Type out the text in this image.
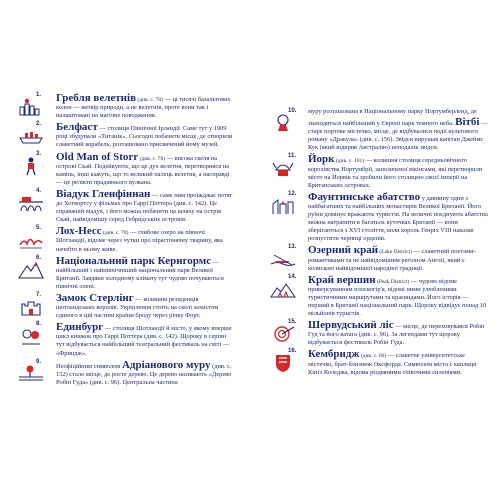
1. Гребля велетнів (див. с. 78) — ці тисячі базальтових колон — витвір природи, а не велетнів, проте вони так і налаштовані на магічне поводження.
2. Белфаст — столиця Північної Ірландії. Саме тут у 1909 році збудували «Титанік». Сьогодні побачити місце, де створили славетний корабель, розташовано присвячений йому музей.
3. Old Man of Storr (див. с. 78) — висока скеля на острові Скай. Подейкують, що це дух велетня, перетворився на камінь, інші кажуть, що то великий палець велетня, а насправді — це релікти прадавнього вулкана.
4. Віадук Гленфіннан — саме ним проїжджає потяг до Хогвортсу у фільмах про Гаррі Поттера (див. с. 142). Це справжній віадук, і його можна побачити на шляху на острів Скай, найвідомішу серед Гебридських островів.
5. Лох-Несс (див. с. 78) — глибоке озеро на півночі Шотландії, відоме через чутки про пірастоначну тварину, яка начебто в ньому живе.
6. Національний парк Кернгормс — найбільший і найпівнічніший національний парк Великої Британії. Завдяки холодному клімату тут чудово почуваються північні олені.
7. Замок Стерлінг — колишня резиденція шотландських королів. Укріплення стоїть на скелі захистом єдиного в цій частині країни броду через річку Форт.
8. Единбург — столиця Шотландії й місто, у якому вперше цикл книжок про Гаррі Поттера (див. с. 142). Щороку в серпні тут відбувається найбільший театральний фестиваль на світі — «Фриндж».
9.
Неофіційним символом Адріанового муру (див. с. 152) стало місце, де росте дерево. Це дерево називають «Дерево Робін Гуда» (див. с. 96). Центральна частина
10. муру розташована в Національному парку Нортумберленд, де знаходиться найбільший у Європі парк темного неба. Вітбі — старе портове містечко, місце, де відбувалися події культового роману «Дракула» (див. с. 156). Звідси вирушав капітан Джеймс Кук (який відкрив Австралію) неподалік звідси.
11. Йорк (див. с. 101) — колишня столиця середньовічного королівства Нортумбрії, запозиченої вікінгами, які перетворили місто на Йорвік та зробили його столицею своєї імперії на Британських островах.
12. Фаунтинське абатство у давнину один з найбагатших та найбільших монастирів Великої Британії. Його руїни домінує вражають туристів. На величні поєднують абатства можна натрапити в багатьох куточках Британії — вони зберігаються з XVI століття, коли король Генріх VIII наказав розпустити черниці орденів.
13. Озерний край (Lake District) — славетний поетами-романтиками та не найвідомішим регіоном Англії, який є колискою найвідомішої народної традиції.
14. Край вершин (Peak District) — чудово відоме приверсуванням плоскогір'я, відомі ними улюбленими туристичними маршрутами та краєвидами. Його історія — перший в Британії національний парк. Щороку відвідує понад 10 мільйонів туристів.
15. Шервудський ліс — місце, де переховувався Робін Гуд та його ватага (див. с. 96). За легендами тут щороку відбувається фестиваль Робін Гуда.
16. Кембридж (див. с. 60) — славетне університетське містечко, брат-близнюк Оксфорда. Символом міста є каплиця Кінґз Коледжа, відома різдвяними співочими силеніями.
